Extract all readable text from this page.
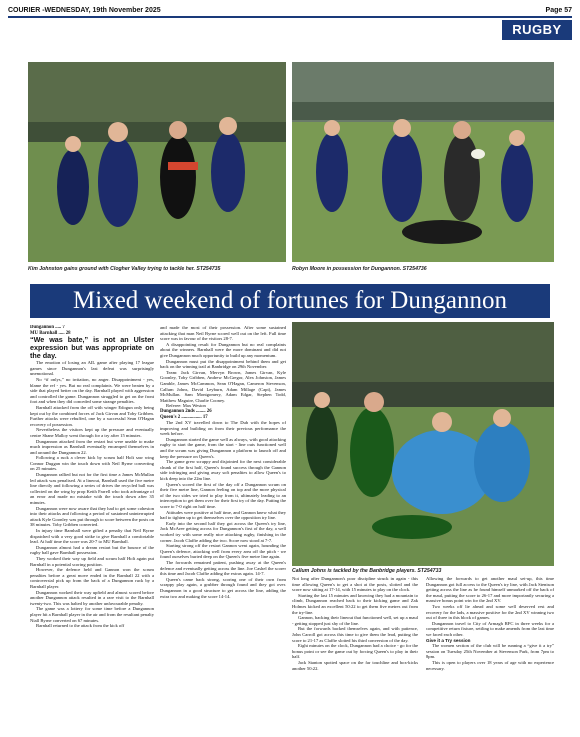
COURIER -WEDNESDAY, 19th November 2025	Page 57
RUGBY
Kim Johnston gains ground with Clogher Valley trying to tackle her. ST254735	Robyn Moore in possession for Dungannon. ST254736
Mixed weekend of fortunes for Dungannon
Callum Johns is tackled by the Banbridge players. ST254733

Dungannon ..... 7

MU Barnhall ..... 28

“We was bate,” is not an Ulster expression but was appropriate on the day.

The emotion of losing an AIL game after playing 17 league games since Dungannon's last defeat was surprisingly unemotional.

No “if onlys,” no irritation, no anger. Disappointment - yes, blame the ref - yes. But no real complaints. We were beaten by a side that played better on the day. Barnhall played with aggression and controlled the game. Dungannon struggled to get on the front foot and when they did conceded some strange penalties.

Barnhall attacked from the off with winger Edogun only being kept out by the combined forces of Jack Girvan and Toby Gribben. Further attacks were rebuffed, one by a successful Sean O'Hagan recovery of possession.

Nevertheless the visitors kept up the pressure and eventually centre Shane Malloy went through for a try after 15 minutes.

Dungannon attacked from the restart but were unable to make much impression as Barnhall eventually encamped themselves in and around the Dungannon 22.

Following a ruck a clever kick by scrum half Holt saw wing Connor Duggan win the touch down with Neil Byrne converting on 25 minutes.

Dungannon rallied but not for the first time a James McMullan led attack was penalised. At a lineout, Barnhall used the five metre line directly and following a series of drives the recycled ball was collected on the wing by prop Keith Farrell who took advantage of an error and made no mistake with the touch down after 35 minutes.

Dungannon were now aware that they had to get some cohesion into their attacks and following a period of sustained uninterrupted attack Kyle Goonley was put through to score between the posts on 38 minutes. Toby Gribben converted.

In injury time Barnhall were gifted a penalty that Neil Byrne dispatched with a very good strike to give Barnhall a comfortable lead. At half time the score was 20-7 to MU Barnhall.

Dungannon almost had a dream restart but the bounce of the rugby ball gave Barnhall possession.

They worked their way up field and scrum half Holt again put Barnhall in a potential scoring position.

However, the defence held and Gannon won the scrum penalties before a great move ended in the Barnhall 22 with a controversial pick up from the back of a Dungannon ruck by a Barnhall player.

Dungannon worked their way upfield and almost scored before another Dungannon attack resulted in a rare visit to the Barnhall twenty-two. This was halted by another unfavourable penalty.

The game was a lottery for some time before a Dungannon player hit a Barnhall player in the air and from the resultant penalty Niall Byrne converted on 67 minutes.

Barnhall returned to the attack from the kick off

and made the most of their possession. After some sustained attacking that man Neil Byrne scored well out on the left. Full time score was in favour of the visitors 28-7.

A disappointing result for Dungannon but no real complaints about the winners. Barnhall were the more dominant and did not give Dungannon much opportunity to build up any momentum.

Dungannon must put the disappointment behind them and get back on the winning trail at Banbridge on 29th November.

Team: Jack Girvan, Mervyn Brown, James Girvan, Kyle Goonley, Toby Gribben, Andrew McGregor, Alex Johnston, James Gamble, James McCammon, Sean O'Hagan, Cameron Stevenson, Callum Johns, David Leyburn, Adam Millage (Capt), James McMullan. Sam Montgomery, Adam Edgar, Stephen Todd, Matthew Maguire, Charlie Cooney.

Referee: Max Weston

Dungannon 2nds ........ 26

Queen's 2 ................. 17

The 2nd XV travelled down to The Dub with the hopes of improving and building on from their previous performance the week before.

Dungannon started the game well as always, with good attacking rugby to start the game, from the start - line outs functioned well and the scrum was giving Dungannon a platform to launch off and keep the pressure on Queen's.

The game grew scrappy and disjointed for the next considerable chunk of the first half, Queen's found success through the Gannon side infringing and giving away soft penalties to allow Queen's to kick deep into the 22m line.

Queen's scored the first of the day off a Dungannon scrum on their five metre line, Gannon feeling on top and the more physical of the two sides we tried to play from it, ultimately leading to an interception to get them over for their first try of the day. Putting the score to 7-0 right on half time.

Attitudes were positive at half time, and Gannon knew what they had to tighten up to get themselves over the opposition try line.

Early into the second half they got across the Queen's try line, Jack McAree getting across for Dungannon's first of the day, a well worked try with some really nice attacking rugby, finishing in the corner. Jacob Claffie adding the two. Score now stood at 7-7.

Starting strong off the restart Gannon went again, hounding the Queen's defence, attacking well from every area off the pitch - we found ourselves buried deep on the Queen's five metre line again.

The forwards remained patient, pushing away at the Queen's defence and eventually getting across the line. Joe Cashel the scorer this time and Jacob Claffie adding the extras again. 14-7.

Queen's came back strong, scoring one of their own from scrappy play again, a grubber through found and they got over. Dungannon in a good structure to get across the line, adding the extra two and making the score 14-14.

Not long after Dungannon's poor discipline struck in again - this time allowing Queen's to get a shot at the posts, slotted and the score now sitting at 17-14, with 15 minutes to play on the clock.

Starting the last 15 minutes and knowing they had a mountain to climb, Dungannon reached back to their kicking game and Zak Holmes kicked an excellent 50:22 to get them five metres out from the try-line.

Gannon, backing their lineout that functioned well, set up a maul - getting stopped just shy of the line.

But the forwards backed themselves again, and with patience, John Carroll got across this time to give them the lead, putting the score to 21-17 as Claffie slotted his third conversion of the day.

Eight minutes on the clock, Dungannon had a choice - go for the bonus point or see the game out by forcing Queen's to play in their half.

Jack Stanton spotted space on the far touchline and box-kicks another 50:22.

Allowing the forwards to get another maul set-up, this time Dungannon got full access to the Queen's try line, with Jack Stenison getting across the line as he found himself unmarked off the back of the maul, putting the score to 26-17 and more importantly securing a massive bonus point win for the 2nd XV.

Two weeks off lie ahead and some well deserved rest and recovery for the lads, a massive positive for the 2nd XV winning two out of three in this block of games.

Dungannon travel to City of Armagh RFC in three weeks for a competitive return fixture, settling to make amends from the last time we faced each other.

Give it a Try session

The women section of the club will be running a “give it a try” session on Tuesday 25th November at Stevenson Park, from 7pm to 8pm.

This is open to players over 18 years of age with no experience necessary.
